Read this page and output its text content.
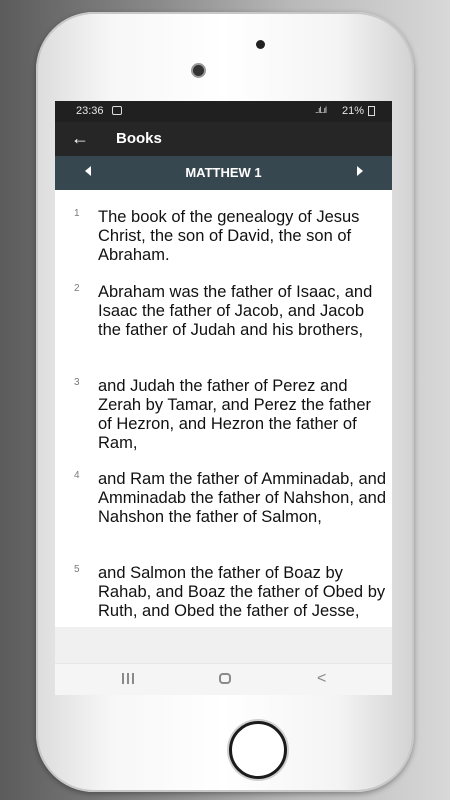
23:36	..ıl..ıl 21%
← Books
MATTHEW 1
1 The book of the genealogy of Jesus Christ, the son of David, the son of Abraham.
2 Abraham was the father of Isaac, and Isaac the father of Jacob, and Jacob the father of Judah and his brothers,
3 and Judah the father of Perez and Zerah by Tamar, and Perez the father of Hezron, and Hezron the father of Ram,
4 and Ram the father of Amminadab, and Amminadab the father of Nahshon, and Nahshon the father of Salmon,
5 and Salmon the father of Boaz by Rahab, and Boaz the father of Obed by Ruth, and Obed the father of Jesse,
<
